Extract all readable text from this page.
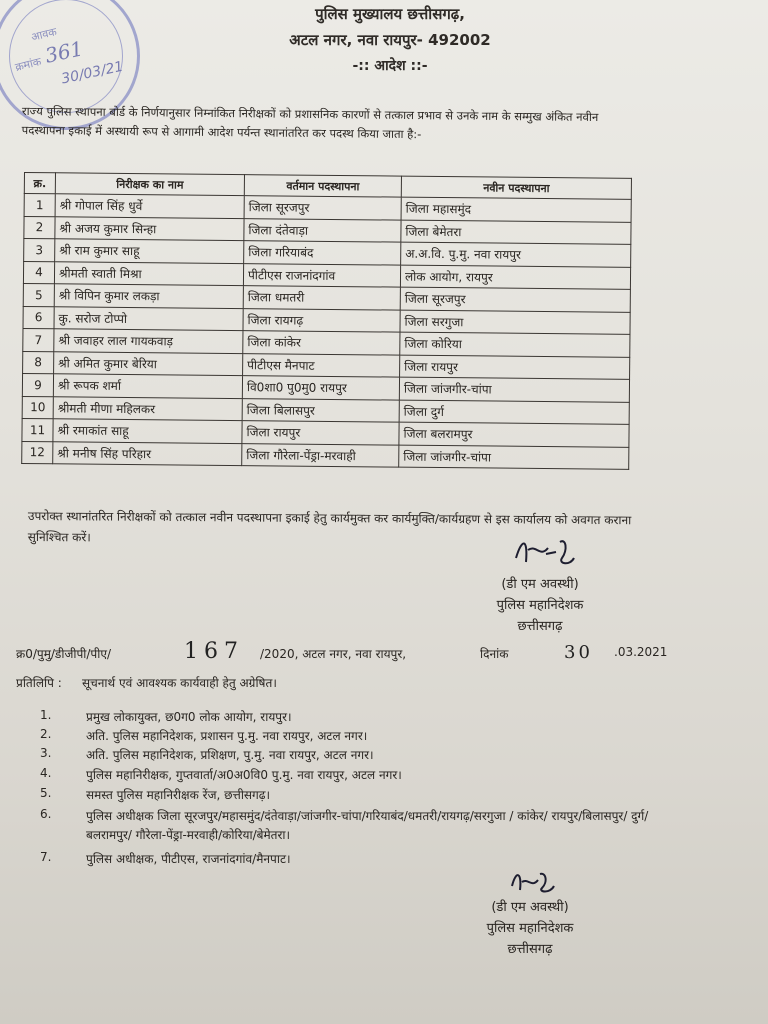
आवक
क्रमांक 361
30/03/21
पुलिस मुख्यालय छत्तीसगढ़,
अटल नगर, नवा रायपुर- 492002
-:: आदेश ::-
राज्य पुलिस स्थापना बोर्ड के निर्णयानुसार निम्नांकित निरीक्षकों को प्रशासनिक कारणों से तत्काल प्रभाव से उनके नाम के सम्मुख अंकित नवीन पदस्थापना इकाई में अस्थायी रूप से आगामी आदेश पर्यन्त स्थानांतरित कर पदस्थ किया जाता है:-
क्र.	निरीक्षक का नाम	वर्तमान पदस्थापना	नवीन पदस्थापना
1	श्री गोपाल सिंह धुर्वे	जिला सूरजपुर	जिला महासमुंद
2	श्री अजय कुमार सिन्हा	जिला दंतेवाड़ा	जिला बेमेतरा
3	श्री राम कुमार साहू	जिला गरियाबंद	अ.अ.वि. पु.मु. नवा रायपुर
4	श्रीमती स्वाती मिश्रा	पीटीएस राजनांदगांव	लोक आयोग, रायपुर
5	श्री विपिन कुमार लकड़ा	जिला धमतरी	जिला सूरजपुर
6	कु. सरोज टोप्पो	जिला रायगढ़	जिला सरगुजा
7	श्री जवाहर लाल गायकवाड़	जिला कांकेर	जिला कोरिया
8	श्री अमित कुमार बेरिया	पीटीएस मैनपाट	जिला रायपुर
9	श्री रूपक शर्मा	वि0शा0 पु0मु0 रायपुर	जिला जांजगीर-चांपा
10	श्रीमती मीणा महिलकर	जिला बिलासपुर	जिला दुर्ग
11	श्री रमाकांत साहू	जिला रायपुर	जिला बलरामपुर
12	श्री मनीष सिंह परिहार	जिला गौरेला-पेंड्रा-मरवाही	जिला जांजगीर-चांपा
उपरोक्त स्थानांतरित निरीक्षकों को तत्काल नवीन पदस्थापना इकाई हेतु कार्यमुक्त कर कार्यमुक्ति/कार्यग्रहण से इस कार्यालय को अवगत कराना सुनिश्चित करें।
(डी एम अवस्थी)
पुलिस महानिदेशक
छत्तीसगढ़
क्र0/पुमु/डीजीपी/पीए/	167 /2020, अटल नगर, नवा रायपुर,	दिनांक	30 .03.2021
प्रतिलिपि :	सूचनार्थ एवं आवश्यक कार्यवाही हेतु अग्रेषित।
1.	प्रमुख लोकायुक्त, छ0ग0 लोक आयोग, रायपुर।
2.	अति. पुलिस महानिदेशक, प्रशासन पु.मु. नवा रायपुर, अटल नगर।
3.	अति. पुलिस महानिदेशक, प्रशिक्षण, पु.मु. नवा रायपुर, अटल नगर।
4.	पुलिस महानिरीक्षक, गुप्तवार्ता/अ0अ0वि0 पु.मु. नवा रायपुर, अटल नगर।
5.	समस्त पुलिस महानिरीक्षक रेंज, छत्तीसगढ़।
6.	पुलिस अधीक्षक जिला सूरजपुर/महासमुंद/दंतेवाड़ा/जांजगीर-चांपा/गरियाबंद/धमतरी/रायगढ़/सरगुजा / कांकेर/ रायपुर/बिलासपुर/ दुर्ग/बलरामपुर/ गौरेला-पेंड्रा-मरवाही/कोरिया/बेमेतरा।
7.	पुलिस अधीक्षक, पीटीएस, राजनांदगांव/मैनपाट।
(डी एम अवस्थी)
पुलिस महानिदेशक
छत्तीसगढ़
